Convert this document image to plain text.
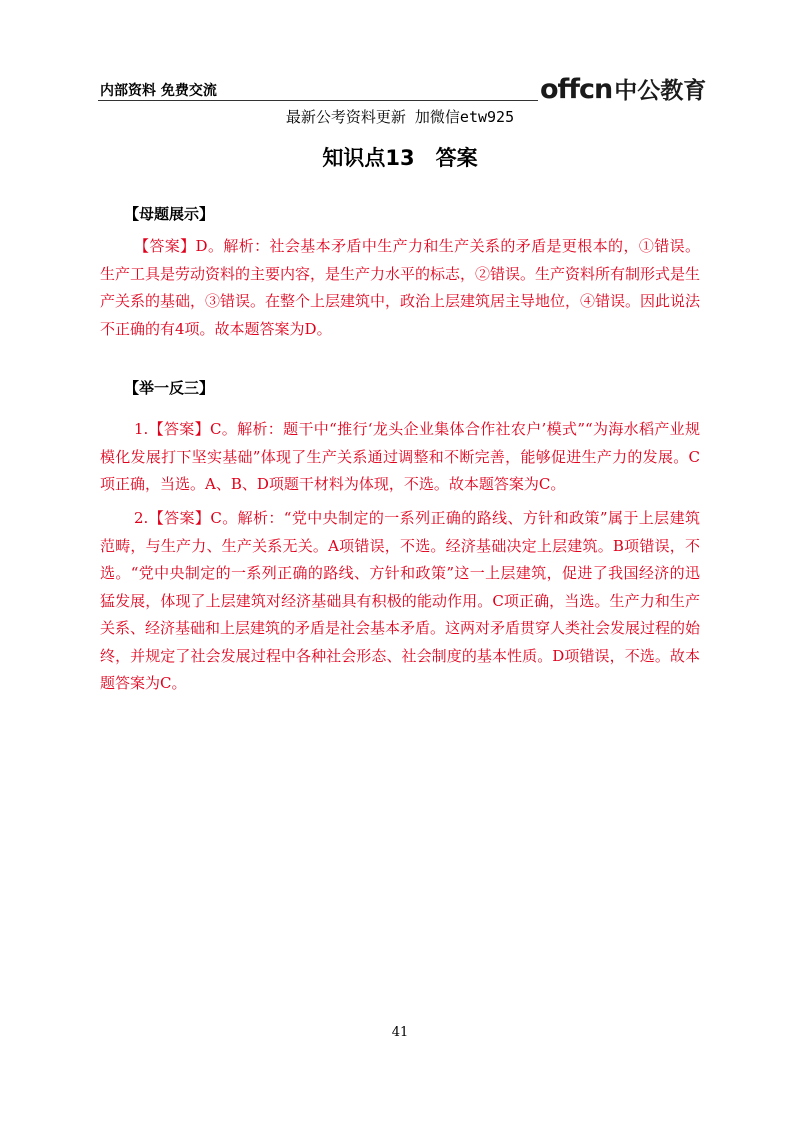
内部资料 免费交流	offcn中公教育
最新公考资料更新 加微信etw925
知识点13　答案
【母题展示】
【答案】D。解析：社会基本矛盾中生产力和生产关系的矛盾是更根本的，①错误。生产工具是劳动资料的主要内容，是生产力水平的标志，②错误。生产资料所有制形式是生产关系的基础，③错误。在整个上层建筑中，政治上层建筑居主导地位，④错误。因此说法不正确的有4项。故本题答案为D。
【举一反三】
1.【答案】C。解析：题干中“推行‘龙头企业集体合作社农户’模式”“为海水稻产业规模化发展打下坚实基础”体现了生产关系通过调整和不断完善，能够促进生产力的发展。C项正确，当选。A、B、D项题干材料为体现，不选。故本题答案为C。
2.【答案】C。解析：“党中央制定的一系列正确的路线、方针和政策”属于上层建筑范畴，与生产力、生产关系无关。A项错误，不选。经济基础决定上层建筑。B项错误，不选。“党中央制定的一系列正确的路线、方针和政策”这一上层建筑，促进了我国经济的迅猛发展，体现了上层建筑对经济基础具有积极的能动作用。C项正确，当选。生产力和生产关系、经济基础和上层建筑的矛盾是社会基本矛盾。这两对矛盾贯穿人类社会发展过程的始终，并规定了社会发展过程中各种社会形态、社会制度的基本性质。D项错误，不选。故本题答案为C。
41
